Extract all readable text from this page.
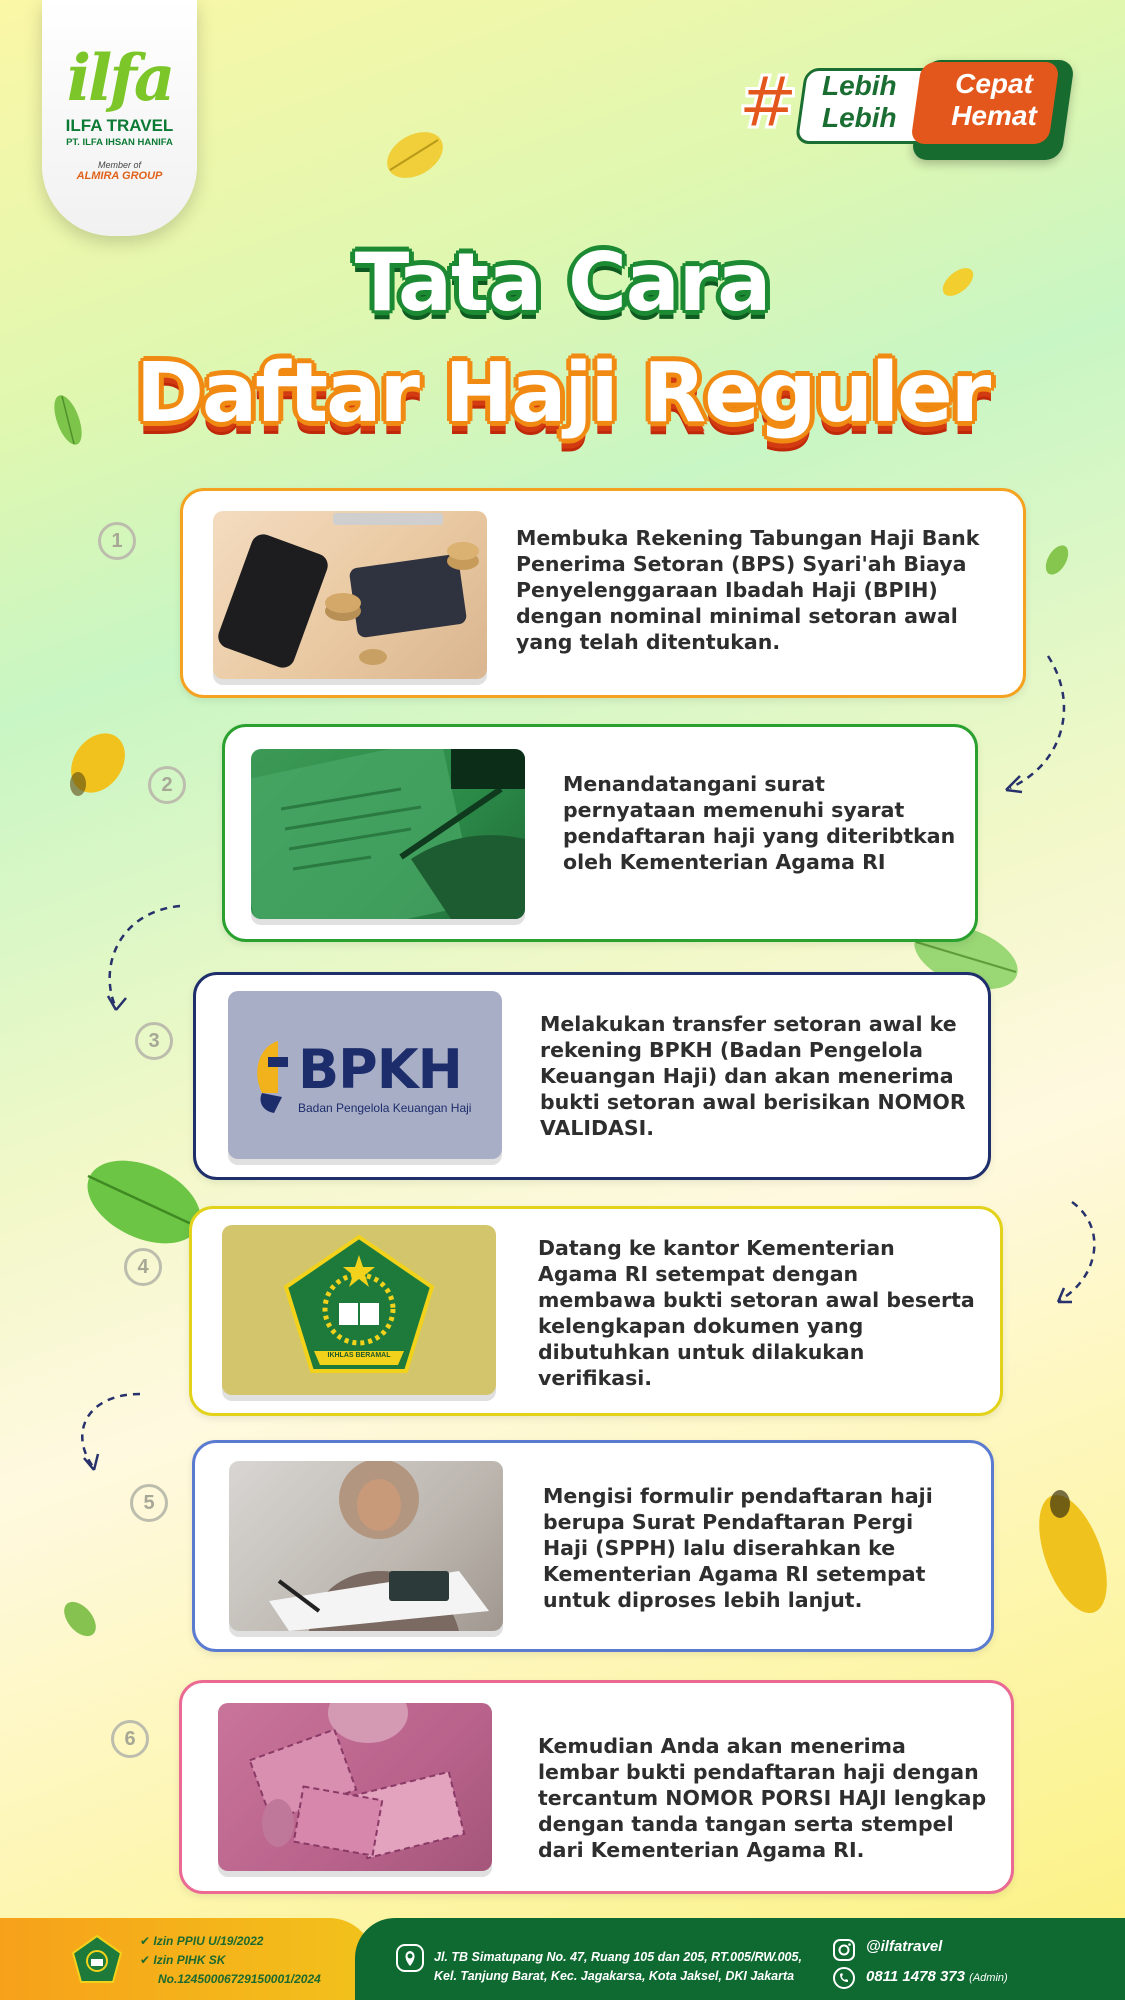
ilfa
ILFA TRAVEL
PT. ILFA IHSAN HANIFA
Member of
ALMIRA GROUP
# Lebih
Lebih
Cepat
Hemat
Tata Cara
Daftar Haji Reguler
1	Membuka Rekening Tabungan Haji Bank Penerima Setoran (BPS) Syari'ah Biaya Penyelenggaraan Ibadah Haji (BPIH) dengan nominal minimal setoran awal yang telah ditentukan.
2	Menandatangani surat pernyataan memenuhi syarat pendaftaran haji yang diteribtkan oleh Kementerian Agama RI
3	BPKH
Badan Pengelola Keuangan Haji
Melakukan transfer setoran awal ke rekening BPKH (Badan Pengelola Keuangan Haji) dan akan menerima bukti setoran awal berisikan NOMOR VALIDASI.
4
IKHLAS BERAMAL
Datang ke kantor Kementerian Agama RI setempat dengan membawa bukti setoran awal beserta kelengkapan dokumen yang dibutuhkan untuk dilakukan verifikasi.
5	Mengisi formulir pendaftaran haji berupa Surat Pendaftaran Pergi Haji (SPPH) lalu diserahkan ke Kementerian Agama RI setempat untuk diproses lebih lanjut.
6	Kemudian Anda akan menerima lembar bukti pendaftaran haji dengan tercantum NOMOR PORSI HAJI lengkap dengan tanda tangan serta stempel dari Kementerian Agama RI.
✔ Izin PPIU U/19/2022
✔ Izin PIHK SK
No.12450006729150001/2024
Jl. TB Simatupang No. 47, Ruang 105 dan 205, RT.005/RW.005,
Kel. Tanjung Barat, Kec. Jagakarsa, Kota Jaksel, DKI Jakarta
@ilfatravel
0811 1478 373 (Admin)
